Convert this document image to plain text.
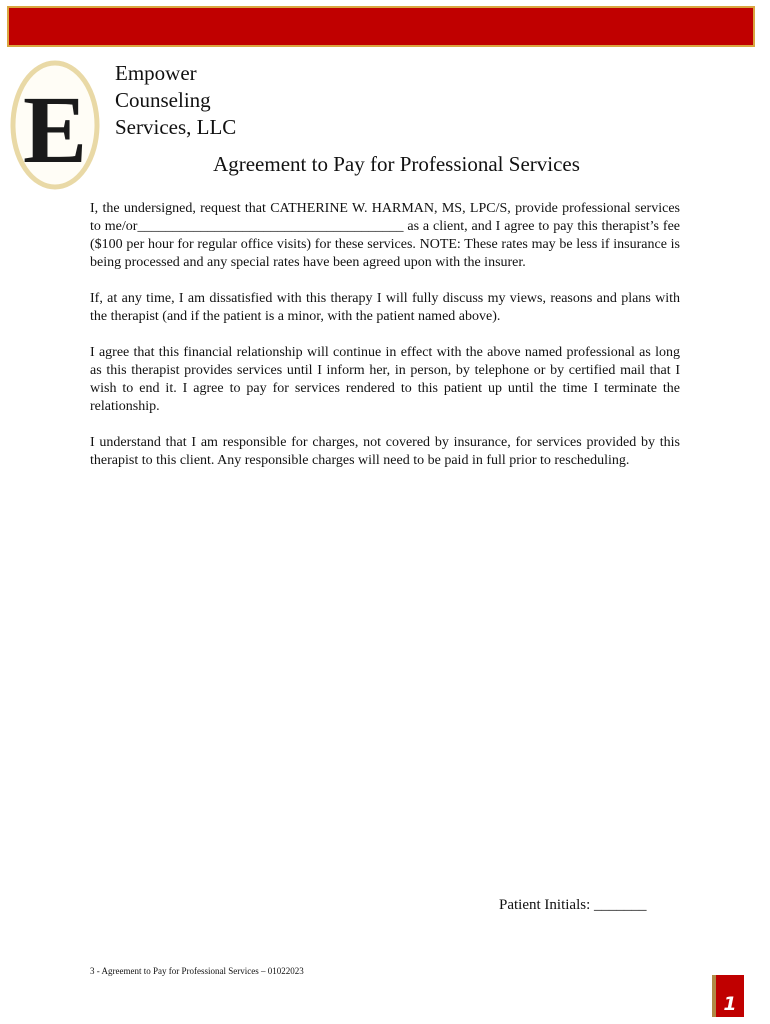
E
Empower
Counseling
Services, LLC
Agreement to Pay for Professional Services

I, the undersigned, request that CATHERINE W. HARMAN, MS, LPC/S, provide professional services to me/or______________________________________ as a client, and I agree to pay this therapist’s fee ($100 per hour for regular office visits) for these services. NOTE: These rates may be less if insurance is being processed and any special rates have been agreed upon with the insurer.

If, at any time, I am dissatisfied with this therapy I will fully discuss my views, reasons and plans with the therapist (and if the patient is a minor, with the patient named above).

I agree that this financial relationship will continue in effect with the above named professional as long as this therapist provides services until I inform her, in person, by telephone or by certified mail that I wish to end it. I agree to pay for services rendered to this patient up until the time I terminate the relationship.

I understand that I am responsible for charges, not covered by insurance, for services provided by this therapist to this client. Any responsible charges will need to be paid in full prior to rescheduling.

Patient Initials: _______
3 - Agreement to Pay for Professional Services – 01022023
1
